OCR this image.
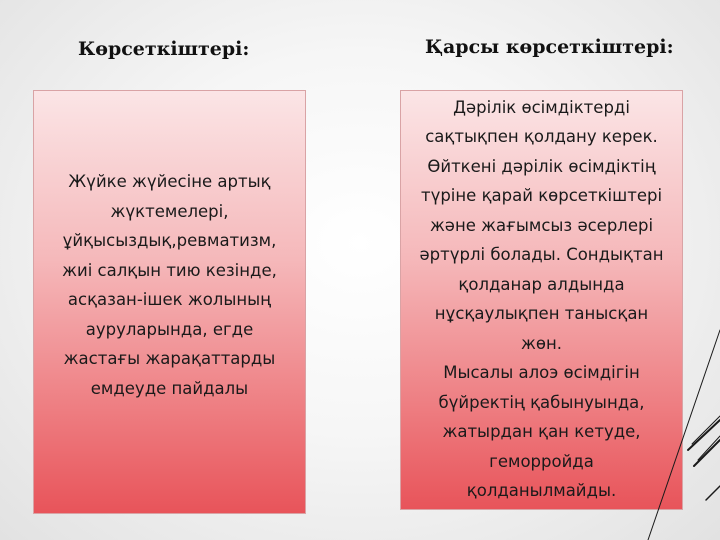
Көрсеткіштері:	Қарсы көрсеткіштері:
Жүйке жүйесіне артық
жүктемелері,
ұйқысыздық,ревматизм,
жиі салқын тию кезінде,
асқазан-ішек жолының
ауруларында, егде
жастағы жарақаттарды
емдеуде пайдалы
Дәрілік өсімдіктерді
сақтықпен қолдану керек.
Өйткені дәрілік өсімдіктің
түріне қарай көрсеткіштері
және жағымсыз әсерлері
әртүрлі болады. Сондықтан
қолданар алдында
нұсқаулықпен танысқан
жөн.
Мысалы алоэ өсімдігін
бүйректің қабынуында,
жатырдан қан кетуде,
геморройда
қолданылмайды.
